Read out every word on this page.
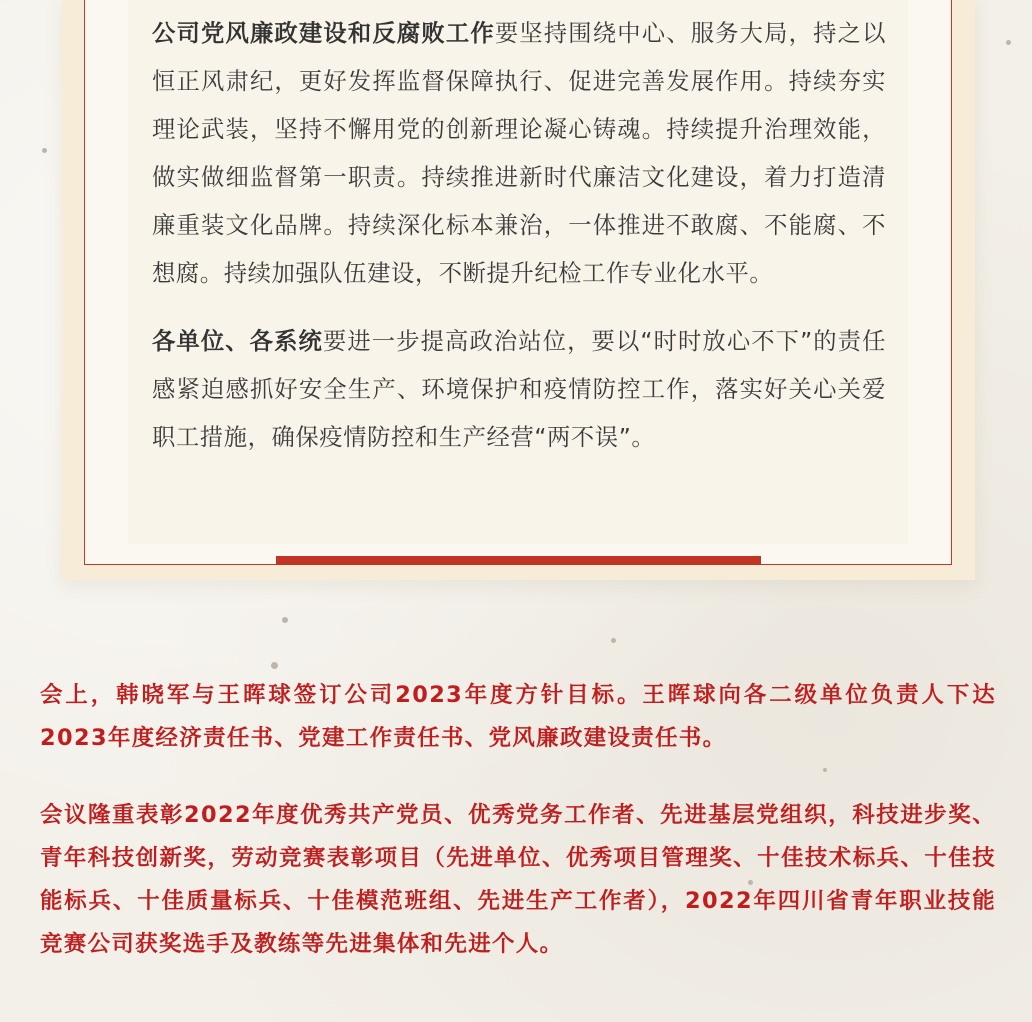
公司党风廉政建设和反腐败工作要坚持围绕中心、服务大局，持之以恒正风肃纪，更好发挥监督保障执行、促进完善发展作用。持续夯实理论武装，坚持不懈用党的创新理论凝心铸魂。持续提升治理效能，做实做细监督第一职责。持续推进新时代廉洁文化建设，着力打造清廉重装文化品牌。持续深化标本兼治，一体推进不敢腐、不能腐、不想腐。持续加强队伍建设，不断提升纪检工作专业化水平。

各单位、各系统要进一步提高政治站位，要以“时时放心不下”的责任感紧迫感抓好安全生产、环境保护和疫情防控工作，落实好关心关爱职工措施，确保疫情防控和生产经营“两不误”。

会上，韩晓军与王晖球签订公司2023年度方针目标。王晖球向各二级单位负责人下达2023年度经济责任书、党建工作责任书、党风廉政建设责任书。

会议隆重表彰2022年度优秀共产党员、优秀党务工作者、先进基层党组织，科技进步奖、青年科技创新奖，劳动竞赛表彰项目（先进单位、优秀项目管理奖、十佳技术标兵、十佳技能标兵、十佳质量标兵、十佳模范班组、先进生产工作者），2022年四川省青年职业技能竞赛公司获奖选手及教练等先进集体和先进个人。
